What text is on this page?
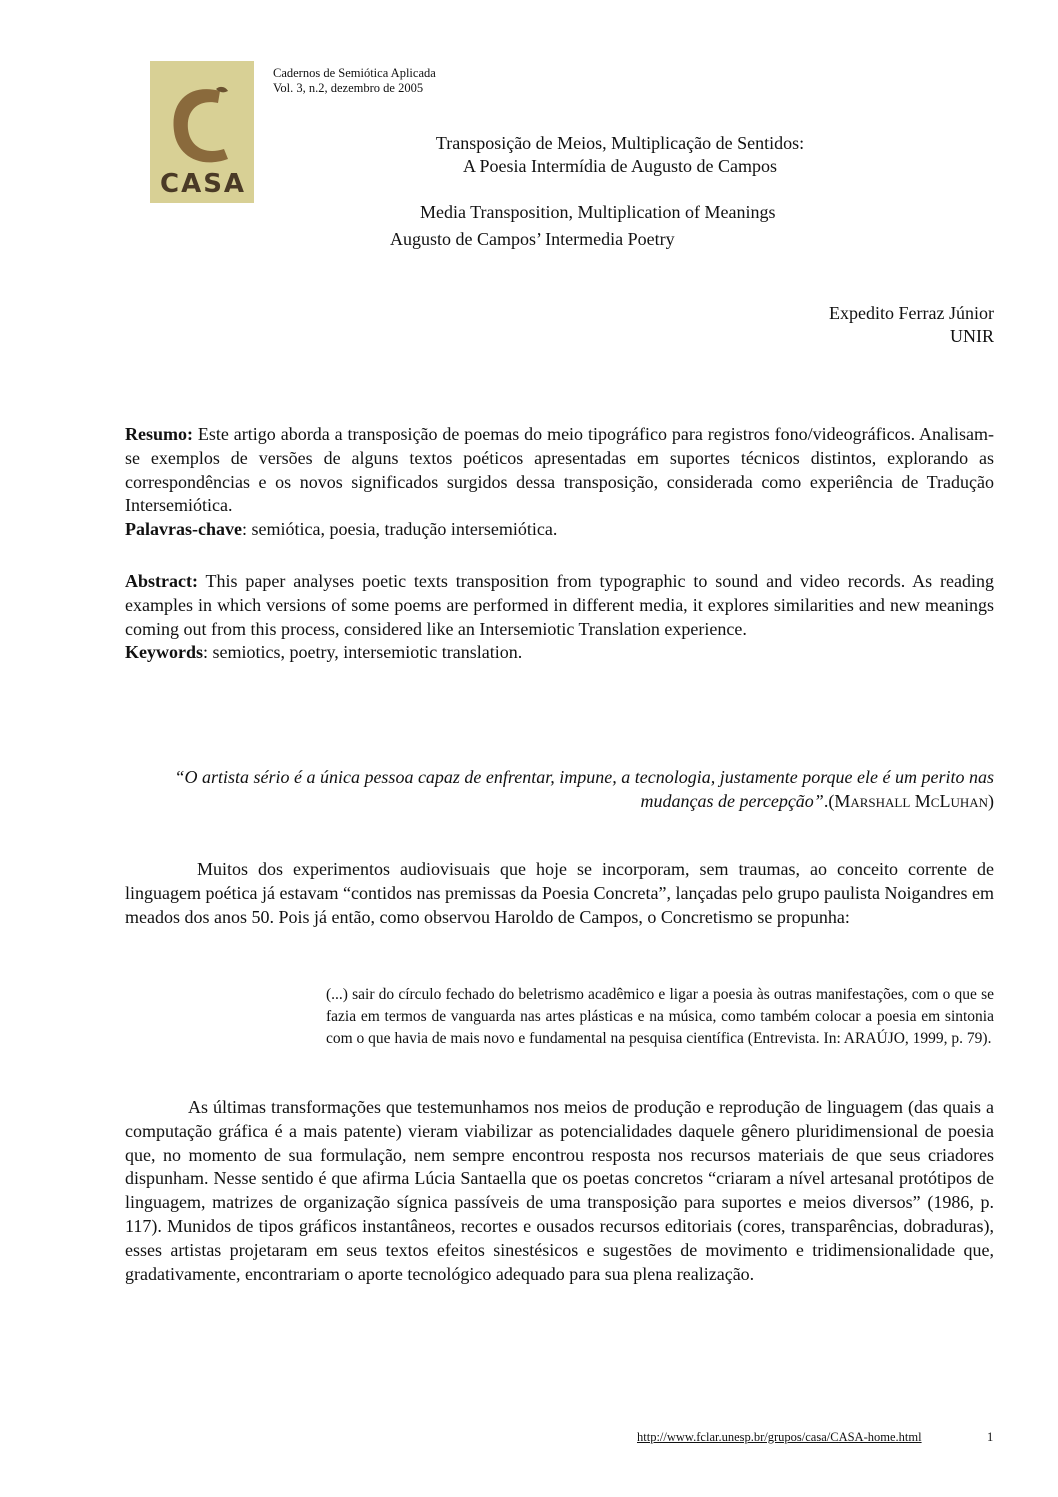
CASA
Cadernos de Semiótica Aplicada
Vol. 3, n.2, dezembro de 2005
Transposição de Meios, Multiplicação de Sentidos:
A Poesia Intermídia de Augusto de Campos
Media Transposition, Multiplication of Meanings
Augusto de Campos’ Intermedia Poetry
Expedito Ferraz Júnior
UNIR

Resumo: Este artigo aborda a transposição de poemas do meio tipográfico para registros fono/videográficos. Analisam-se exemplos de versões de alguns textos poéticos apresentadas em suportes técnicos distintos, explorando as correspondências e os novos significados surgidos dessa transposição, considerada como experiência de Tradução Intersemiótica.

Palavras-chave: semiótica, poesia, tradução intersemiótica.

Abstract: This paper analyses poetic texts transposition from typographic to sound and video records. As reading examples in which versions of some poems are performed in different media, it explores similarities and new meanings coming out from this process, considered like an Intersemiotic Translation experience.

Keywords: semiotics, poetry, intersemiotic translation.

“O artista sério é a única pessoa capaz de enfrentar, impune, a tecnologia, justamente porque ele é um perito nas mudanças de percepção”.(Marshall McLuhan)

Muitos dos experimentos audiovisuais que hoje se incorporam, sem traumas, ao conceito corrente de linguagem poética já estavam “contidos nas premissas da Poesia Concreta”, lançadas pelo grupo paulista Noigandres em meados dos anos 50. Pois já então, como observou Haroldo de Campos, o Concretismo se propunha:

(...) sair do círculo fechado do beletrismo acadêmico e ligar a poesia às outras manifestações, com o que se fazia em termos de vanguarda nas artes plásticas e na música, como também colocar a poesia em sintonia com o que havia de mais novo e fundamental na pesquisa científica (Entrevista. In: ARAÚJO, 1999, p. 79).

As últimas transformações que testemunhamos nos meios de produção e reprodução de linguagem (das quais a computação gráfica é a mais patente) vieram viabilizar as potencialidades daquele gênero pluridimensional de poesia que, no momento de sua formulação, nem sempre encontrou resposta nos recursos materiais de que seus criadores dispunham. Nesse sentido é que afirma Lúcia Santaella que os poetas concretos “criaram a nível artesanal protótipos de linguagem, matrizes de organização sígnica passíveis de uma transposição para suportes e meios diversos” (1986, p. 117). Munidos de tipos gráficos instantâneos, recortes e ousados recursos editoriais (cores, transparências, dobraduras), esses artistas projetaram em seus textos efeitos sinestésicos e sugestões de movimento e tridimensionalidade que, gradativamente, encontrariam o aporte tecnológico adequado para sua plena realização.

http://www.fclar.unesp.br/grupos/casa/CASA-home.html	1
